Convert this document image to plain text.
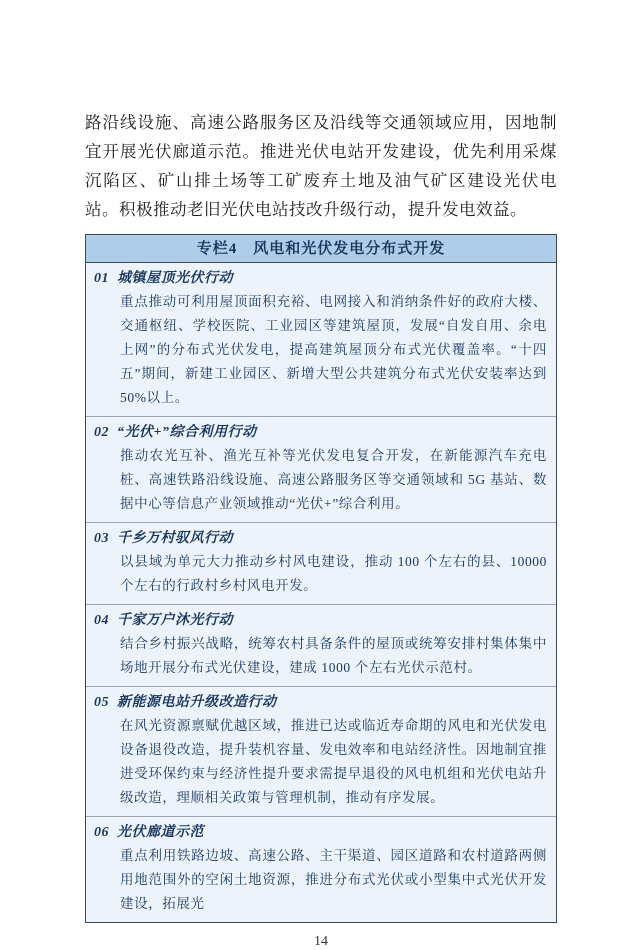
路沿线设施、高速公路服务区及沿线等交通领域应用，因地制宜开展光伏廊道示范。推进光伏电站开发建设，优先利用采煤沉陷区、矿山排土场等工矿废弃土地及油气矿区建设光伏电站。积极推动老旧光伏电站技改升级行动，提升发电效益。

专栏4　风电和光伏发电分布式开发
01 城镇屋顶光伏行动
重点推动可利用屋顶面积充裕、电网接入和消纳条件好的政府大楼、交通枢纽、学校医院、工业园区等建筑屋顶，发展“自发自用、余电上网”的分布式光伏发电，提高建筑屋顶分布式光伏覆盖率。“十四五”期间，新建工业园区、新增大型公共建筑分布式光伏安装率达到 50%以上。
02 “光伏+”综合利用行动
推动农光互补、渔光互补等光伏发电复合开发，在新能源汽车充电桩、高速铁路沿线设施、高速公路服务区等交通领域和 5G 基站、数据中心等信息产业领域推动“光伏+”综合利用。
03 千乡万村驭风行动
以县域为单元大力推动乡村风电建设，推动 100 个左右的县、10000 个左右的行政村乡村风电开发。
04 千家万户沐光行动
结合乡村振兴战略，统筹农村具备条件的屋顶或统筹安排村集体集中场地开展分布式光伏建设，建成 1000 个左右光伏示范村。
05 新能源电站升级改造行动
在风光资源禀赋优越区域，推进已达或临近寿命期的风电和光伏发电设备退役改造，提升装机容量、发电效率和电站经济性。因地制宜推进受环保约束与经济性提升要求需提早退役的风电机组和光伏电站升级改造，理顺相关政策与管理机制，推动有序发展。
06 光伏廊道示范
重点利用铁路边坡、高速公路、主干渠道、园区道路和农村道路两侧用地范围外的空闲土地资源，推进分布式光伏或小型集中式光伏开发建设，拓展光
14
